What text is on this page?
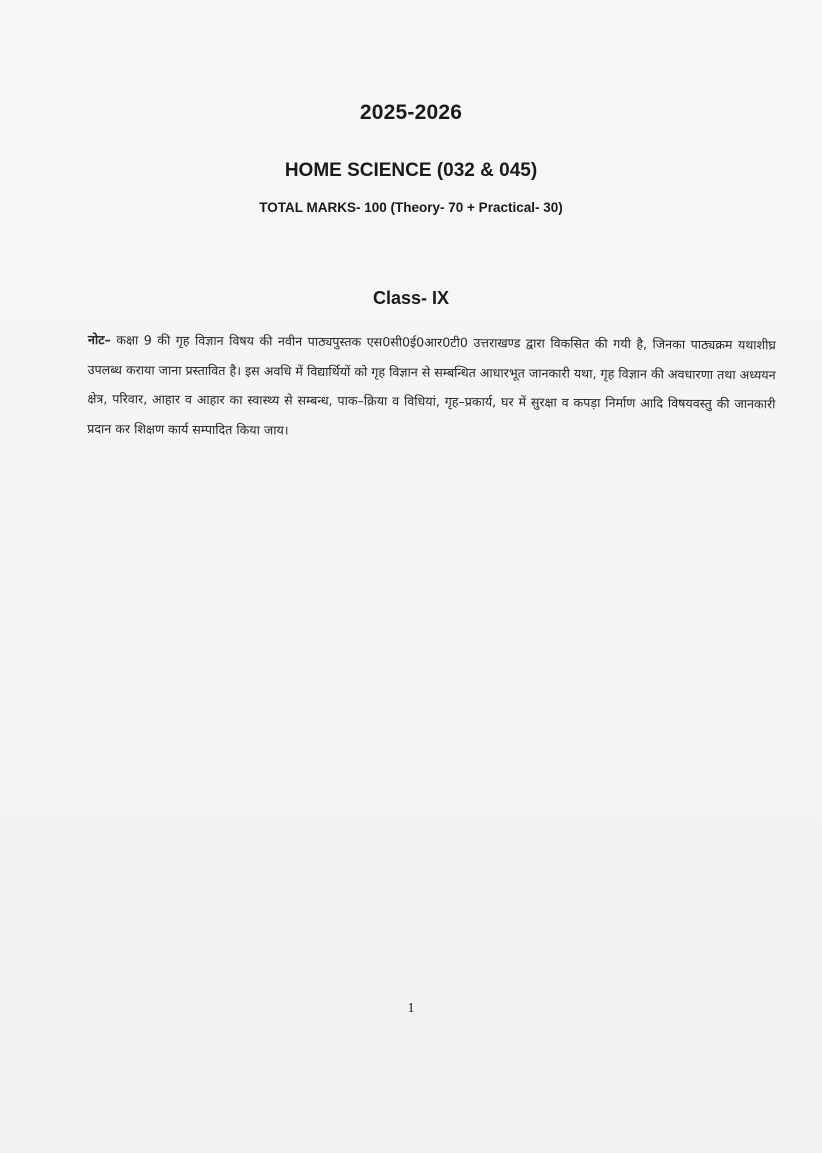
2025-2026
HOME SCIENCE (032 & 045)
TOTAL MARKS- 100 (Theory- 70 + Practical- 30)
Class- IX
नोट– कक्षा 9 की गृह विज्ञान विषय की नवीन पाठ्यपुस्तक एस0सी0ई0आर0टी0 उत्तराखण्ड द्वारा विकसित की गयी है, जिनका पाठ्यक्रम यथाशीघ्र उपलब्ध कराया जाना प्रस्तावित है। इस अवधि में विद्यार्थियों को गृह विज्ञान से सम्बन्धित आधारभूत जानकारी यथा, गृह विज्ञान की अवधारणा तथा अध्ययन क्षेत्र, परिवार, आहार व आहार का स्वास्थ्य से सम्बन्ध, पाक–क्रिया व विधियां, गृह–प्रकार्य, घर में सुरक्षा व कपड़ा निर्माण आदि विषयवस्तु की जानकारी प्रदान कर शिक्षण कार्य सम्पादित किया जाय।
1
